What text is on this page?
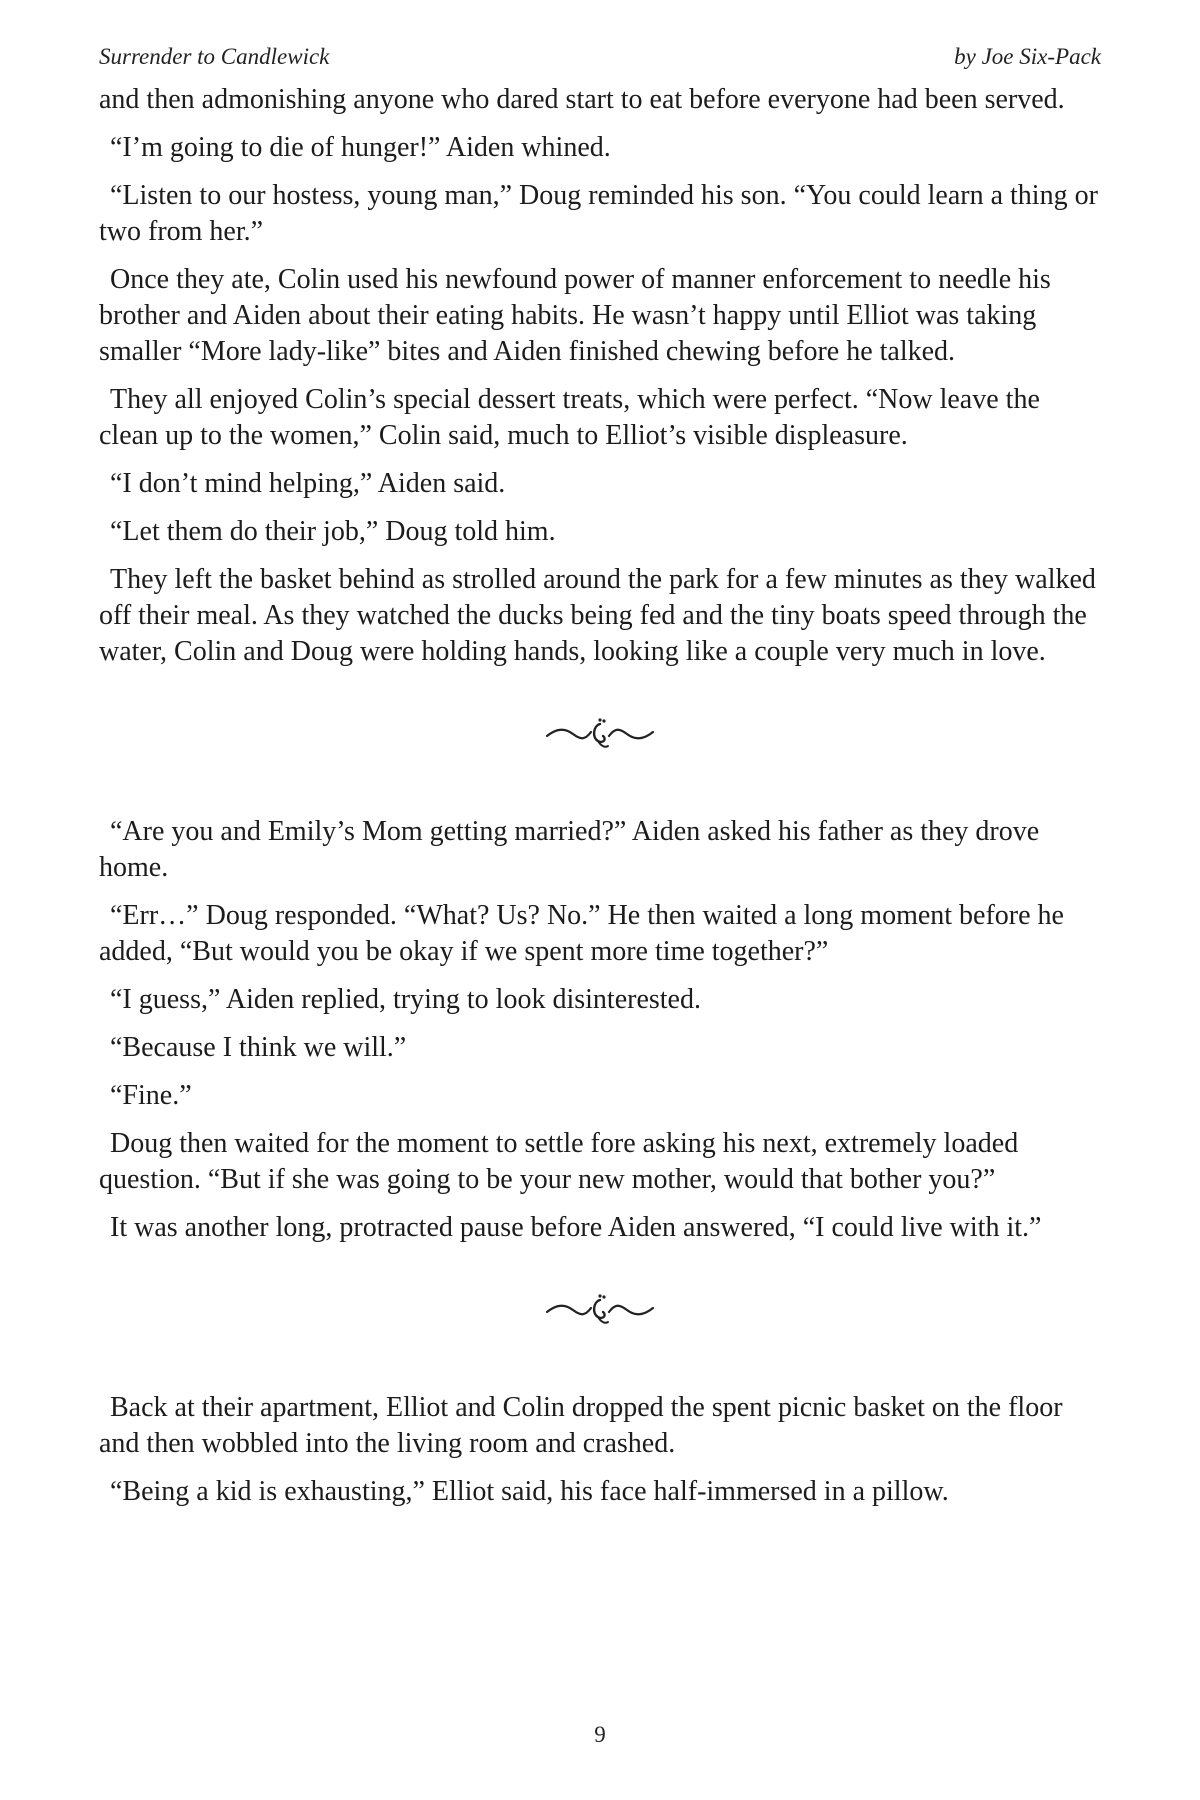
Surrender to Candlewick	by Joe Six-Pack

and then admonishing anyone who dared start to eat before everyone had been served.

“I’m going to die of hunger!” Aiden whined.

“Listen to our hostess, young man,” Doug reminded his son. “You could learn a thing or two from her.”

Once they ate, Colin used his newfound power of manner enforcement to needle his brother and Aiden about their eating habits. He wasn’t happy until Elliot was taking smaller “More lady-like” bites and Aiden finished chewing before he talked.

They all enjoyed Colin’s special dessert treats, which were perfect. “Now leave the clean up to the women,” Colin said, much to Elliot’s visible displeasure.

“I don’t mind helping,” Aiden said.

“Let them do their job,” Doug told him.

They left the basket behind as strolled around the park for a few minutes as they walked off their meal. As they watched the ducks being fed and the tiny boats speed through the water, Colin and Doug were holding hands, looking like a couple very much in love.

“Are you and Emily’s Mom getting married?” Aiden asked his father as they drove home.

“Err…” Doug responded. “What? Us? No.” He then waited a long moment before he added, “But would you be okay if we spent more time together?”

“I guess,” Aiden replied, trying to look disinterested.

“Because I think we will.”

“Fine.”

Doug then waited for the moment to settle fore asking his next, extremely loaded question. “But if she was going to be your new mother, would that bother you?”

It was another long, protracted pause before Aiden answered, “I could live with it.”

Back at their apartment, Elliot and Colin dropped the spent picnic basket on the floor and then wobbled into the living room and crashed.

“Being a kid is exhausting,” Elliot said, his face half-immersed in a pillow.

9
